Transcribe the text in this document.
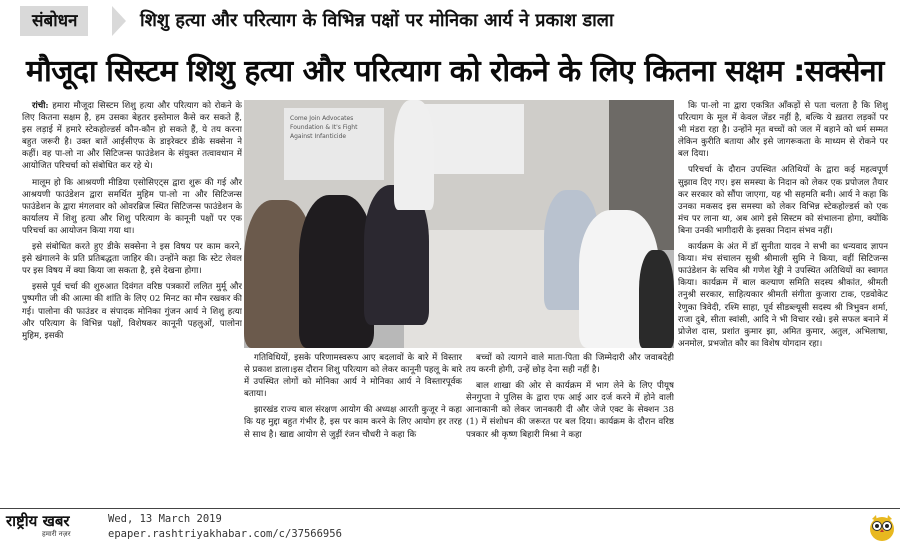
संबोधन	शिशु हत्या और परित्याग के विभिन्न पक्षों पर मोनिका आर्य ने प्रकाश डाला
मौजूदा सिस्टम शिशु हत्या और परित्याग को रोकने के लिए कितना सक्षम :सक्सेना

रांची: हमारा मौजूदा सिस्टम शिशु हत्या और परित्याग को रोकने के लिए कितना सक्षम है, हम उसका बेहतर इस्तेमाल कैसे कर सकते हैं, इस लड़ाई में हमारे स्टेकहोल्डर्स कौन-कौन हो सकते हैं, ये तय करना बहुत जरूरी है। उक्त बातें आईसीएफ के डाइरेक्टर डीके सक्सेना ने कहीं। वह पा-लो ना और सिटिजन्स फाउंडेशन के संयुक्त तत्वावधान में आयोजित परिचर्चा को संबोधित कर रहे थे।

मालूम हो कि आश्रयणी मीडिया एसोसिएट्स द्वारा शुरू की गई और आश्रयणी फाउंडेशन द्वारा समर्थित मुहिम पा-लो ना और सिटिजन्स फाउंडेशन के द्वारा मंगलवार को ओवरब्रिज स्थित सिटिजन्स फाउंडेशन के कार्यालय में शिशु हत्या और शिशु परित्याग के कानूनी पक्षों पर एक परिचर्चा का आयोजन किया गया था।

इसे संबोधित करते हुए डीके सक्सेना ने इस विषय पर काम करने, इसे खंगालने के प्रति प्रतिबद्धता जाहिर की। उन्होंने कहा कि स्टेट लेवल पर इस विषय में क्या किया जा सकता है, इसे देखना होगा।

इससे पूर्व चर्चा की शुरुआत दिवंगत वरिष्ठ पत्रकारों ललित मुर्मू और पुष्पगीत जी की आत्मा की शांति के लिए 02 मिनट का मौन रखकर की गई। पालोना की फाउंडर व संपादक मोनिका गुंजन आर्य ने शिशु हत्या और परित्याग के विभिन्न पक्षों, विशेषकर कानूनी पहलुओं, पालोना मुहिम, इसकी

Come Join Advocates Foundation & It's Fight Against Infanticide

गतिविधियों, इसके परिणामस्वरूप आए बदलावों के बारे में विस्तार से प्रकाश डाला।इस दौरान शिशु परित्याग को लेकर कानूनी पहलू के बारे में उपस्थित लोगों को मोनिका आर्य ने मोनिका आर्य ने विस्तारपूर्वक बताया।

झारखंड राज्य बाल संरक्षण आयोग की अध्यक्ष आरती कुजूर ने कहा कि यह मुद्दा बहुत गंभीर है, इस पर काम करने के लिए आयोग हर तरह से साथ है। खाद्य आयोग से जुड़ीं रंजन चौधरी ने कहा कि

बच्चों को त्यागने वाले माता-पिता की जिम्मेदारी और जवाबदेही तय करनी होगी, उन्हें छोड़ देना सही नहीं है।

बाल शाखा की ओर से कार्यक्रम में भाग लेने के लिए पीयूष सेनगुप्ता ने पुलिस के द्वारा एफ आई आर दर्ज करने में होने वाली आनाकानी को लेकर जानकारी दी और जेजे एक्ट के सेक्शन 38 (1) में संशोधन की जरूरत पर बल दिया। कार्यक्रम के दौरान वरिष्ठ पत्रकार श्री कृष्ण बिहारी मिश्रा ने कहा

कि पा-लो ना द्वारा एकत्रित आँकड़ों से पता चलता है कि शिशु परित्याग के मूल में केवल जेंडर नहीं है, बल्कि ये ख़तरा लड़कों पर भी मंडरा रहा है। उन्होंने मृत बच्चों को जल में बहाने को धर्म सम्मत लेकिन कुरीति बताया और इसे जागरूकता के माध्यम से रोकने पर बल दिया।

परिचर्चा के दौरान उपस्थित अतिथियों के द्वारा कई महत्वपूर्ण सुझाव दिए गए। इस समस्या के निदान को लेकर एक प्रपोजल तैयार कर सरकार को सौंपा जाएगा, यह भी सहमति बनी। आर्य ने कहा कि उनका मकसद इस समस्या को लेकर विभिन्न स्टेकहोल्डर्स को एक मंच पर लाना था, अब आगे इसे सिस्टम को संभालना होगा, क्योंकि बिना उनकी भागीदारी के इसका निदान संभव नहीं।

कार्यक्रम के अंत में डॉ सुनीता यादव ने सभी का धन्यवाद ज्ञापन किया। मंच संचालन सुश्री श्रीमाली सुमि ने किया, वहीं सिटिजन्स फाउंडेशन के सचिव श्री गणेश रेड्डी ने उपस्थित अतिथियों का स्वागत किया। कार्यक्रम में बाल कल्याण समिति सदस्य श्रीकांत, श्रीमती तनुश्री सरकार, साहित्यकार श्रीमती संगीता कुजारा टाक, एडवोकेट रेणुका त्रिवेदी, रश्मि साहा, पूर्व सीडब्ल्यूसी सदस्य श्री त्रिभुवन शर्मा, राजा दुबे, सीता स्वांसी, आदि ने भी विचार रखे। इसे सफल बनाने में प्रोजेश दास, प्रशांत कुमार झा, अमित कुमार, अतुल, अभिलाषा, अनमोल, प्रभजोत कौर का विशेष योगदान रहा।

राष्ट्रीय खबर
हमारी नज़र
Wed, 13 March 2019
epaper.rashtriyakhabar.com/c/37566956
